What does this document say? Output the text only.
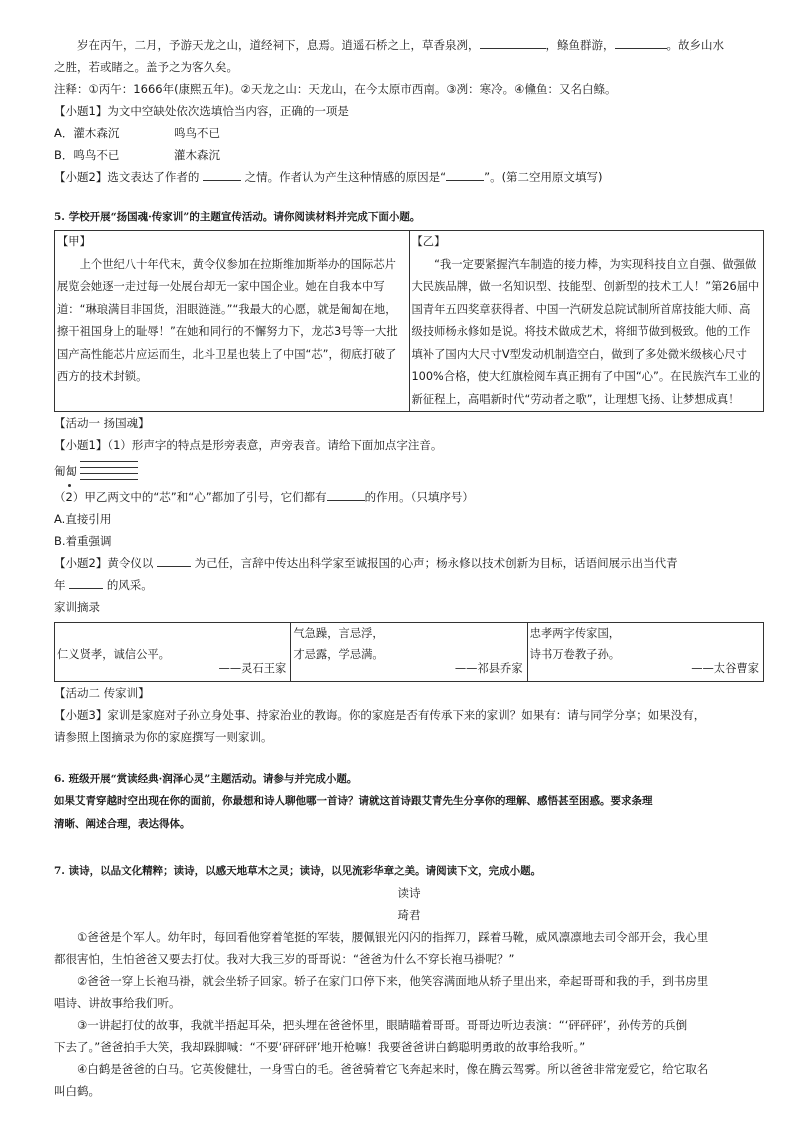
岁在丙午，二月，予游天龙之山，道经祠下，息焉。逍遥石桥之上，草香泉冽，	，鲦鱼群游，	。故乡山水

之胜，若或睹之。盖予之为客久矣。

注释：①丙午：1666年(康熙五年)。②天龙之山：天龙山，在今太原市西南。③冽：寒冷。④儵鱼：又名白鲦。

【小题1】为文中空缺处依次选填恰当内容，正确的一项是

A．灌木森沉	鸣鸟不已

B．鸣鸟不已	灌木森沉

【小题2】选文表达了作者的	之情。作者认为产生这种情感的原因是“	”。(第二空用原文填写)

5. 学校开展“扬国魂·传家训”的主题宣传活动。请你阅读材料并完成下面小题。

【甲】
上个世纪八十年代末，黄令仪参加在拉斯维加斯举办的国际芯片展览会她逐一走过每一处展台却无一家中国企业。她在自我本中写道：“琳琅满目非国货，泪眼涟涟。”“我最大的心愿，就是匍匐在地，擦干祖国身上的耻辱！”在她和同行的不懈努力下，龙芯3号等一大批国产高性能芯片应运而生，北斗卫星也装上了中国“芯”，彻底打破了西方的技术封锁。

【乙】
“我一定要紧握汽车制造的接力棒，为实现科技自立自强、做强做大民族品牌，做一名知识型、技能型、创新型的技术工人！”第26届中国青年五四奖章获得者、中国一汽研发总院试制所首席技能大师、高级技师杨永修如是说。将技术做成艺术，将细节做到极致。他的工作填补了国内大尺寸V型发动机制造空白，做到了多处微米级核心尺寸100%合格，使大红旗检阅车真正拥有了中国“心”。在民族汽车工业的新征程上，高唱新时代“劳动者之歌”，让理想飞扬、让梦想成真！

【活动一 扬国魂】

【小题1】（1）形声字的特点是形旁表意，声旁表音。请给下面加点字注音。

匍匐

（2）甲乙两文中的“芯”和“心”都加了引号，它们都有	的作用。（只填序号）

A.直接引用

B.着重强调

【小题2】黄令仪以	为己任，言辞中传达出科学家至诚报国的心声；杨永修以技术创新为目标，话语间展示出当代青

年	的风采。

家训摘录

仁义贤孝，诚信公平。
——灵石王家

气急躁，言忌浮，
才忌露，学忌满。
——祁县乔家

忠孝两字传家国，
诗书万卷教子孙。
——太谷曹家

【活动二 传家训】

【小题3】家训是家庭对子孙立身处事、持家治业的教诲。你的家庭是否有传承下来的家训？如果有：请与同学分享；如果没有，

请参照上图摘录为你的家庭撰写一则家训。

6. 班级开展“赏读经典·润泽心灵”主题活动。请参与并完成小题。

如果艾青穿越时空出现在你的面前，你最想和诗人聊他哪一首诗？请就这首诗跟艾青先生分享你的理解、感悟甚至困惑。要求条理

清晰、阐述合理，表达得体。

7. 读诗，以品文化精粹；读诗，以感天地草木之灵；读诗，以见流彩华章之美。请阅读下文，完成小题。

读诗

琦君

①爸爸是个军人。幼年时，每回看他穿着笔挺的军装，腰佩银光闪闪的指挥刀，踩着马靴，威风凛凛地去司令部开会，我心里

都很害怕，生怕爸爸又要去打仗。我对大我三岁的哥哥说：“爸爸为什么不穿长袍马褂呢？”

②爸爸一穿上长袍马褂，就会坐轿子回家。轿子在家门口停下来，他笑容满面地从轿子里出来，牵起哥哥和我的手，到书房里

唱诗、讲故事给我们听。

③一讲起打仗的故事，我就半捂起耳朵，把头埋在爸爸怀里，眼睛瞄着哥哥。哥哥边听边表演：“‘砰砰砰’，孙传芳的兵倒

下去了。”爸爸拍手大笑，我却跺脚喊：“不要‘砰砰砰’地开枪嘛！我要爸爸讲白鹤聪明勇敢的故事给我听。”

④白鹤是爸爸的白马。它英俊健壮，一身雪白的毛。爸爸骑着它飞奔起来时，像在腾云驾雾。所以爸爸非常宠爱它，给它取名

叫白鹤。
